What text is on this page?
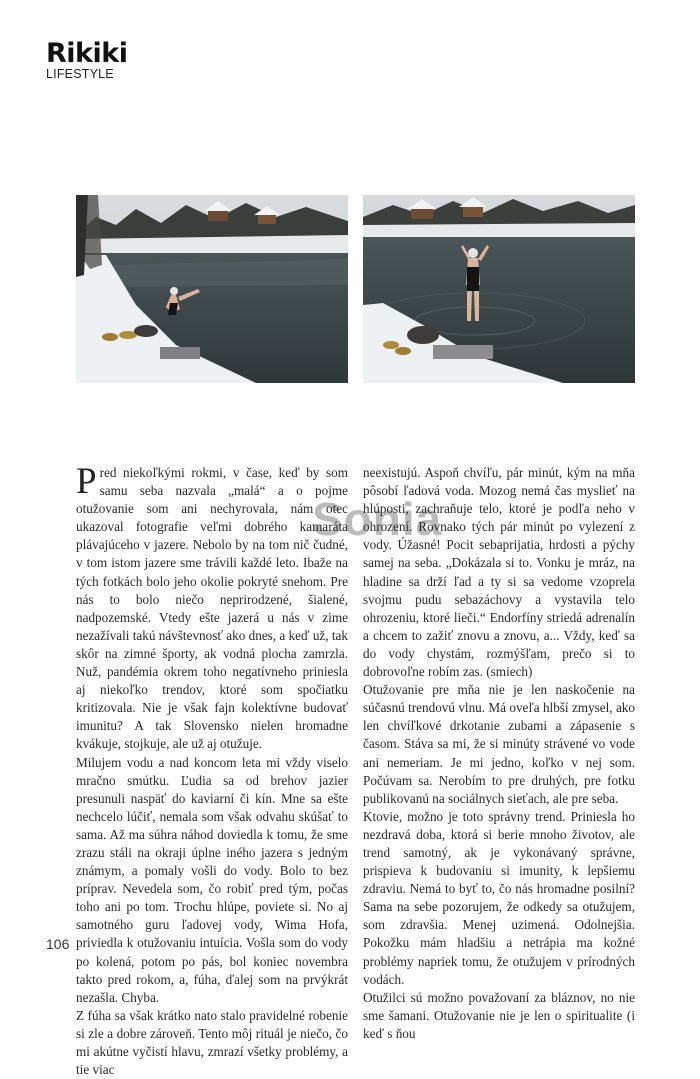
Rikiki
LIFESTYLE

Pred niekoľkými rokmi, v čase, keď by som samu seba nazvala „malá“ a o pojme otužovanie som ani nechyrovala, nám otec ukazoval fotografie veľmi dobrého kamaráta plávajúceho v jazere. Nebolo by na tom nič čudné, v tom istom jazere sme trávili každé leto. Ibaže na tých fotkách bolo jeho okolie pokryté snehom. Pre nás to bolo niečo neprirodzené, šialené, nadpozemské. Vtedy ešte jazerá u nás v zime nezažívali takú návštevnosť ako dnes, a keď už, tak skôr na zimné športy, ak vodná plocha zamrzla. Nuž, pandémia okrem toho negatívneho priniesla aj niekoľko trendov, ktoré som spočiatku kritizovala. Nie je však fajn kolektívne budovať imunitu? A tak Slovensko nielen hromadne kvákuje, stojkuje, ale už aj otužuje.

Milujem vodu a nad koncom leta mi vždy viselo mračno smútku. Ľudia sa od brehov jazier presunuli naspäť do kaviarní či kín. Mne sa ešte nechcelo lúčiť, nemala som však odvahu skúšať to sama. Až ma súhra náhod doviedla k tomu, že sme zrazu stáli na okraji úplne iného jazera s jedným známym, a pomaly vošli do vody. Bolo to bez príprav. Nevedela som, čo robiť pred tým, počas toho ani po tom. Trochu hlúpe, poviete si. No aj samotného guru ľadovej vody, Wima Hofa, priviedla k otužovaniu intuícia. Vošla som do vody po kolená, potom po pás, bol koniec novembra takto pred rokom, a, fúha, ďalej som na prvýkrát nezašla. Chyba.

Z fúha sa však krátko nato stalo pravidelné robenie si zle a dobre zároveň. Tento môj rituál je niečo, čo mi akútne vyčistí hlavu, zmrazí všetky problémy, a tie viac

neexistujú. Aspoň chvíľu, pár minút, kým na mňa pôsobí ľadová voda. Mozog nemá čas myslieť na hlúposti, zachraňuje telo, ktoré je podľa neho v ohrození. Rovnako tých pár minút po vylezení z vody. Úžasné! Pocit sebaprijatia, hrdosti a pýchy samej na seba. „Dokázala si to. Vonku je mráz, na hladine sa drží ľad a ty si sa vedome vzoprela svojmu pudu sebazáchovy a vystavila telo ohrozeniu, ktoré lieči.“ Endorfíny striedá adrenalín a chcem to zažiť znovu a znovu, a... Vždy, keď sa do vody chystám, rozmýšľam, prečo si to dobrovoľne robím zas. (smiech)

Otužovanie pre mňa nie je len naskočenie na súčasnú trendovú vlnu. Má oveľa hlbší zmysel, ako len chvíľkové drkotanie zubami a zápasenie s časom. Stáva sa mi, že si minúty strávené vo vode ani nemeriam. Je mi jedno, koľko v nej som. Počúvam sa. Nerobím to pre druhých, pre fotku publikovanú na sociálnych sieťach, ale pre seba.

Ktovie, možno je toto správny trend. Priniesla ho nezdravá doba, ktorá si berie mnoho životov, ale trend samotný, ak je vykonávaný správne, prispieva k budovaniu si imunity, k lepšiemu zdraviu. Nemá to byť to, čo nás hromadne posilní? Sama na sebe pozorujem, že odkedy sa otužujem, som zdravšia. Menej uzimená. Odolnejšia. Pokožku mám hladšiu a netrápia ma kožné problémy napriek tomu, že otužujem v prírodných vodách.

Otužilci sú možno považovaní za bláznov, no nie sme šamani. Otužovanie nie je len o spiritualite (i keď s ňou

Sonia
106
